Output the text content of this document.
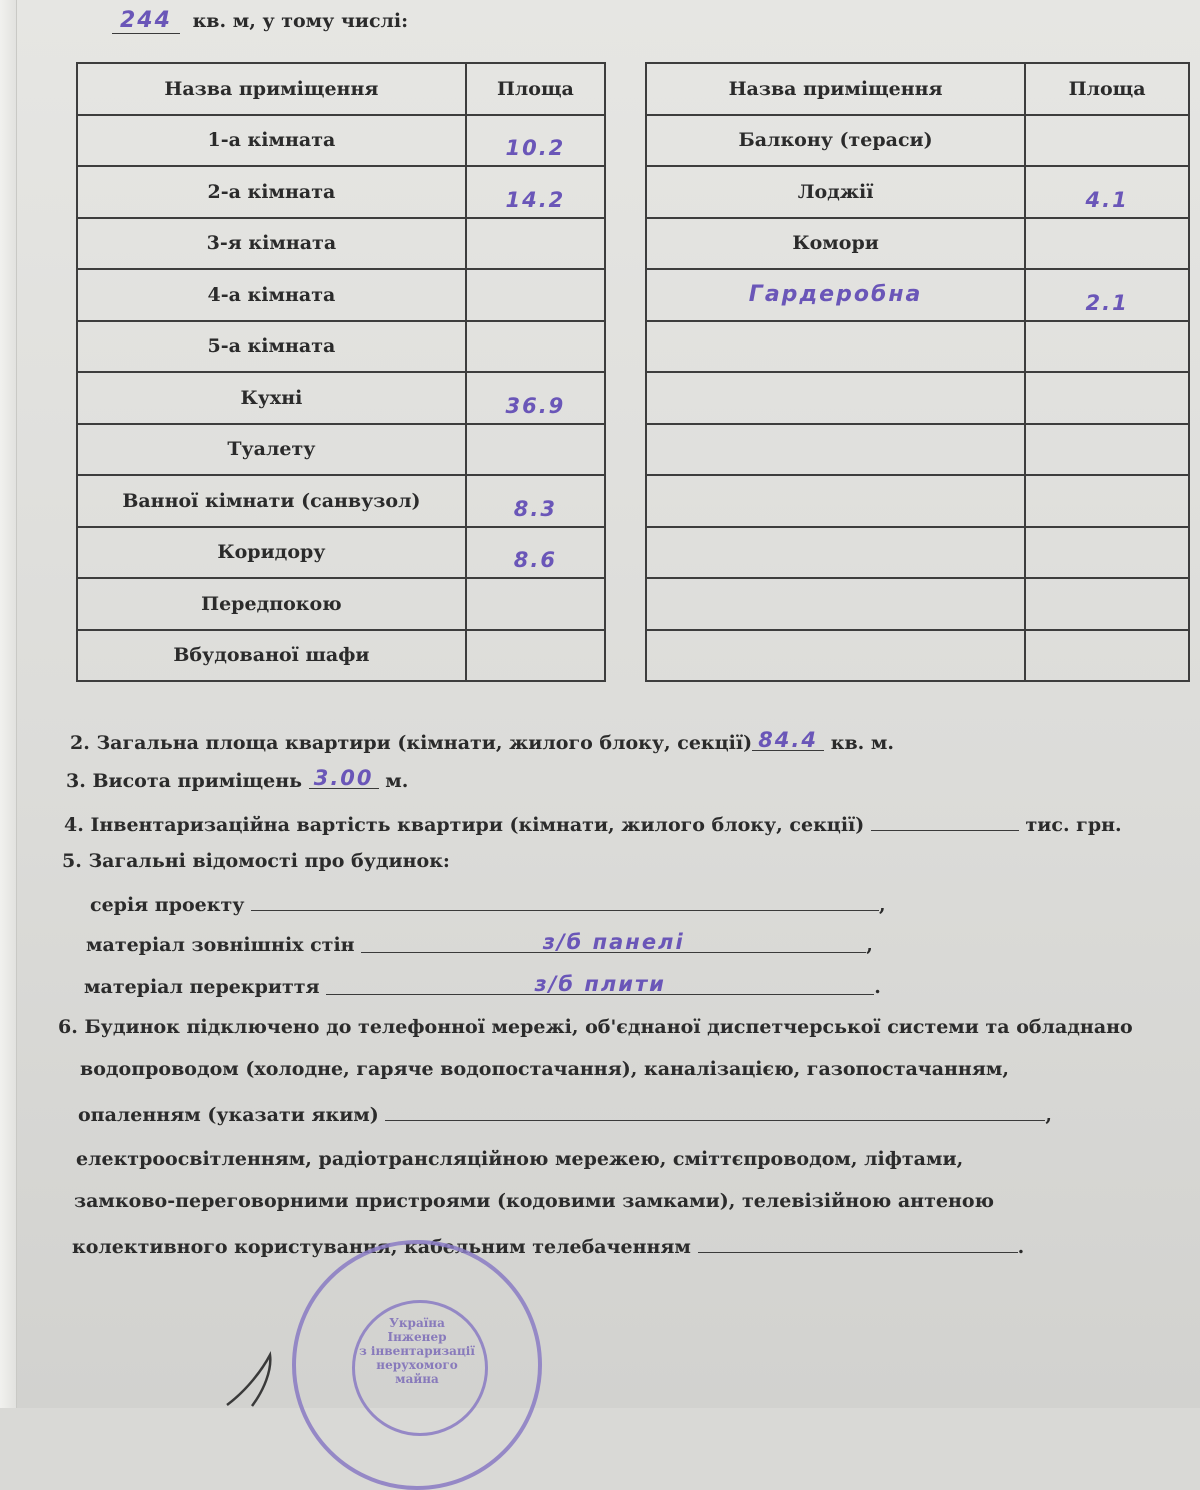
244 кв. м, у тому числі:
Назва приміщення	Площа
1-а кімната	10.2
2-а кімната	14.2
3-я кімната	
4-а кімната	
5-а кімната	
Кухні	36.9
Туалету	
Ванної кімнати (санвузол)	8.3
Коридору	8.6
Передпокою	
Вбудованої шафи	
Назва приміщення	Площа
Балкону (тераси)	
Лоджії	4.1
Комори	
Гардеробна	2.1

2. Загальна площа квартири (кімнати, жилого блоку, секції) 84.4 кв. м.
3. Висота приміщень 3.00 м.
4. Інвентаризаційна вартість квартири (кімнати, жилого блоку, секції)	тис. грн.
5. Загальні відомості про будинок:
серія проекту	,
матеріал зовнішніх стін	з/б панелі	,
матеріал перекриття	з/б плити	.
6. Будинок підключено до телефонної мережі, об'єднаної диспетчерської системи та обладнано
водопроводом (холодне, гаряче водопостачання), каналізацією, газопостачанням,
опаленням (указати яким)	,
електроосвітленням, радіотрансляційною мережею, сміттєпроводом, ліфтами,
замково-переговорними пристроями (кодовими замками), телевізійною антеною
колективного користування, кабельним телебаченням	.
Україна
Інженер
з інвентаризації
нерухомого
майна
